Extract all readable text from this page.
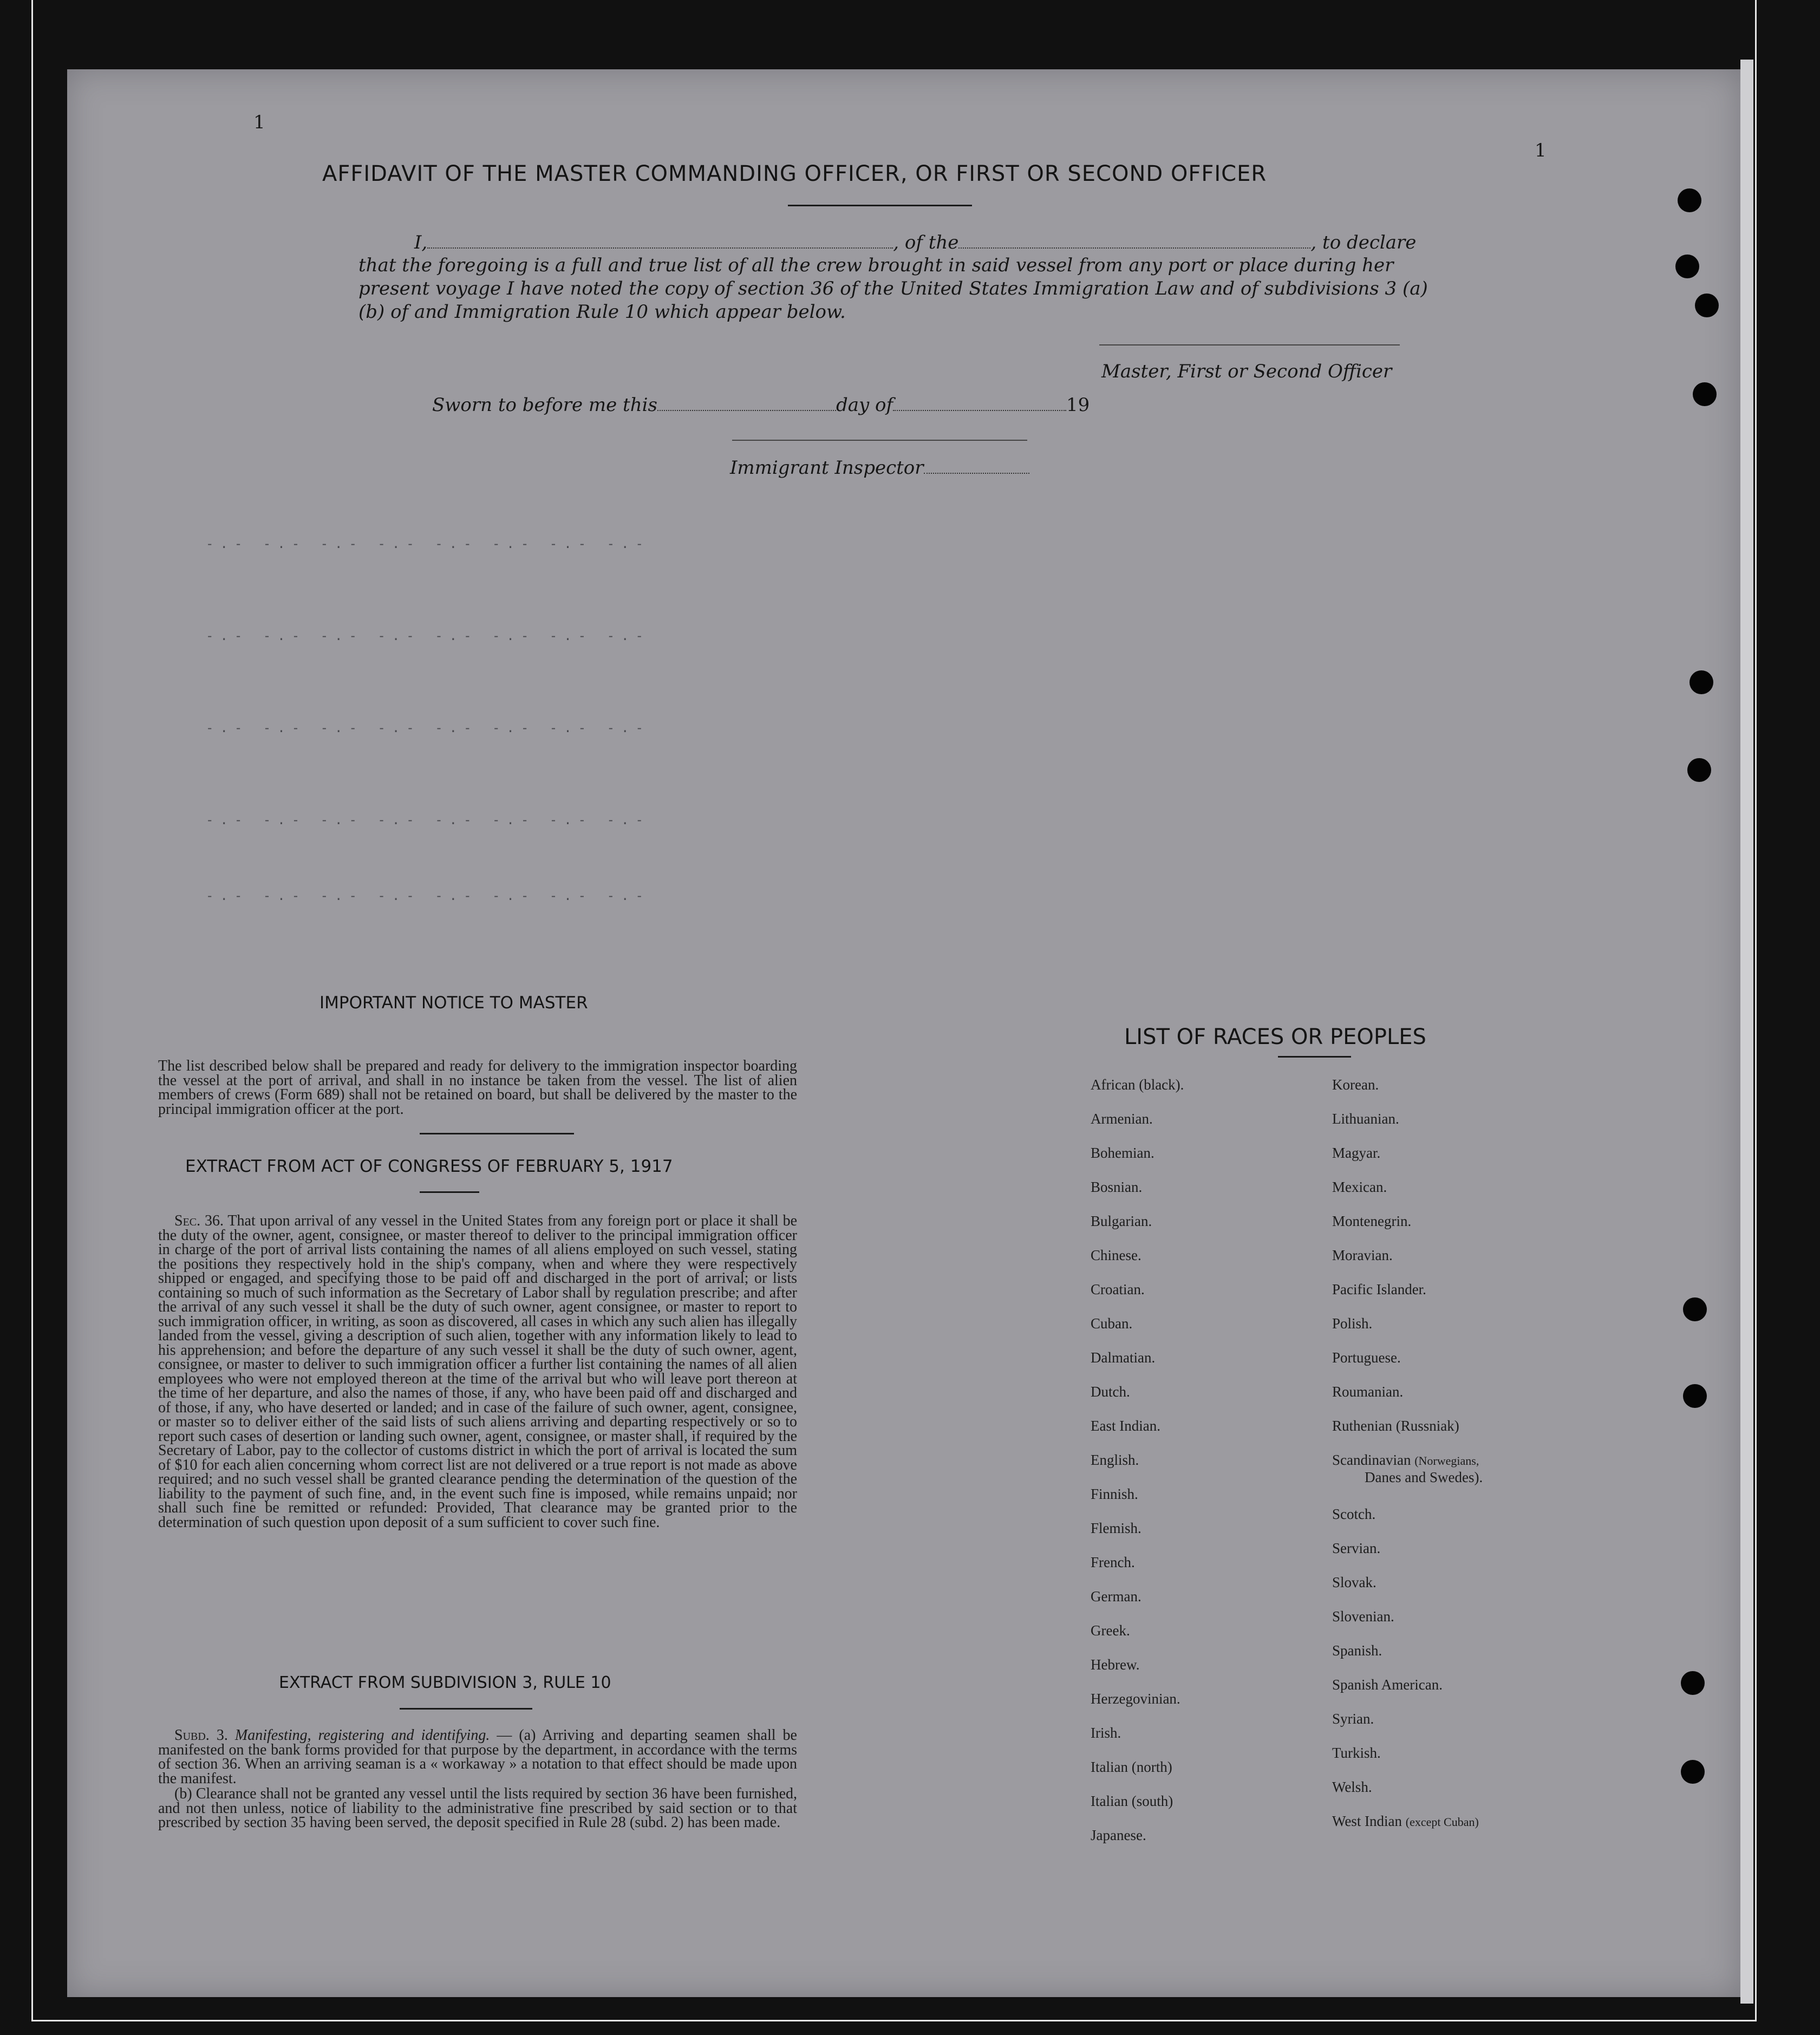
1
1
AFFIDAVIT OF THE MASTER COMMANDING OFFICER, OR FIRST OR SECOND OFFICER
I,	, of the	, to declare
that the foregoing is a full and true list of all the crew brought in said vessel from any port or place during her
present voyage I have noted the copy of section 36 of the United States Immigration Law and of subdivisions 3 (a)
(b) of and Immigration Rule 10 which appear below.
Master, First or Second Officer
Sworn to before me this	day of	19
Immigrant Inspector
-.- -.- -.- -.- -.- -.- -.- -.-
-.- -.- -.- -.- -.- -.- -.- -.-
-.- -.- -.- -.- -.- -.- -.- -.-
-.- -.- -.- -.- -.- -.- -.- -.-
-.- -.- -.- -.- -.- -.- -.- -.-
IMPORTANT NOTICE TO MASTER
The list described below shall be prepared and ready for delivery to the immigration inspector boarding the vessel at the port of arrival, and shall in no instance be taken from the vessel. The list of alien members of crews (Form 689) shall not be retained on board, but shall be delivered by the master to the principal immigration officer at the port.
EXTRACT FROM ACT OF CONGRESS OF FEBRUARY 5, 1917
Sec. 36. That upon arrival of any vessel in the United States from any foreign port or place it shall be the duty of the owner, agent, consignee, or master thereof to deliver to the principal immigration officer in charge of the port of arrival lists containing the names of all aliens employed on such vessel, stating the positions they respectively hold in the ship's company, when and where they were respectively shipped or engaged, and specifying those to be paid off and discharged in the port of arrival; or lists containing so much of such information as the Secretary of Labor shall by regulation prescribe; and after the arrival of any such vessel it shall be the duty of such owner, agent consignee, or master to report to such immigration officer, in writing, as soon as discovered, all cases in which any such alien has illegally landed from the vessel, giving a description of such alien, together with any information likely to lead to his apprehension; and before the departure of any such vessel it shall be the duty of such owner, agent, consignee, or master to deliver to such immigration officer a further list containing the names of all alien employees who were not employed thereon at the time of the arrival but who will leave port thereon at the time of her departure, and also the names of those, if any, who have been paid off and discharged and of those, if any, who have deserted or landed; and in case of the failure of such owner, agent, consignee, or master so to deliver either of the said lists of such aliens arriving and departing respectively or so to report such cases of desertion or landing such owner, agent, consignee, or master shall, if required by the Secretary of Labor, pay to the collector of customs district in which the port of arrival is located the sum of $10 for each alien concerning whom correct list are not delivered or a true report is not made as above required; and no such vessel shall be granted clearance pending the determination of the question of the liability to the payment of such fine, and, in the event such fine is imposed, while remains unpaid; nor shall such fine be remitted or refunded: Provided, That clearance may be granted prior to the determination of such question upon deposit of a sum sufficient to cover such fine.
EXTRACT FROM SUBDIVISION 3, RULE 10
Subd. 3. Manifesting, registering and identifying. — (a) Arriving and departing seamen shall be manifested on the bank forms provided for that purpose by the department, in accordance with the terms of section 36. When an arriving seaman is a « workaway » a notation to that effect should be made upon the manifest.
(b) Clearance shall not be granted any vessel until the lists required by section 36 have been furnished, and not then unless, notice of liability to the administrative fine prescribed by said section or to that prescribed by section 35 having been served, the deposit specified in Rule 28 (subd. 2) has been made.
LIST OF RACES OR PEOPLES
African (black).
Armenian.
Bohemian.
Bosnian.
Bulgarian.
Chinese.
Croatian.
Cuban.
Dalmatian.
Dutch.
East Indian.
English.
Finnish.
Flemish.
French.
German.
Greek.
Hebrew.
Herzegovinian.
Irish.
Italian (north)
Italian (south)
Japanese.
Korean.
Lithuanian.
Magyar.
Mexican.
Montenegrin.
Moravian.
Pacific Islander.
Polish.
Portuguese.
Roumanian.
Ruthenian (Russniak)
Scandinavian (Norwegians,
Danes and Swedes).
Scotch.
Servian.
Slovak.
Slovenian.
Spanish.
Spanish American.
Syrian.
Turkish.
Welsh.
West Indian (except Cuban)
